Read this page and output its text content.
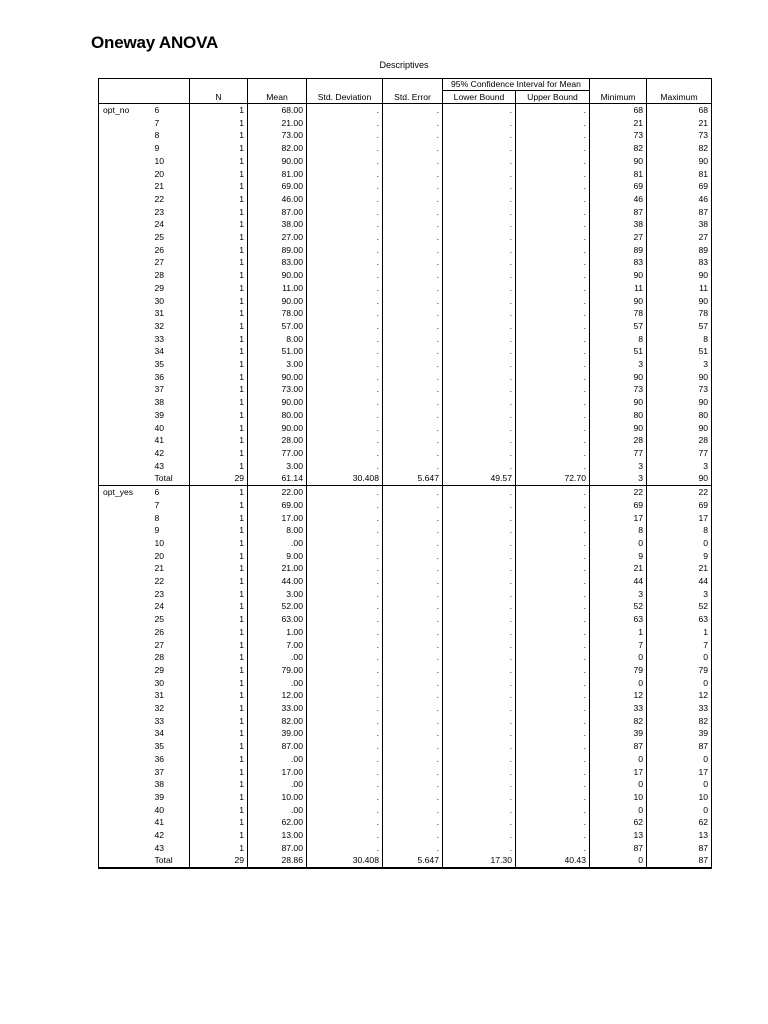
Oneway ANOVA
Descriptives
		N	Mean	Std. Deviation	Std. Error	95% Confidence Interval for Mean		Minimum	Maximum
						Lower Bound	Upper Bound		
opt_no	6	1	68.00	.	.	.	.	68	68
	7	1	21.00	.	.	.	.	21	21
	8	1	73.00	.	.	.	.	73	73
	9	1	82.00	.	.	.	.	82	82
	10	1	90.00	.	.	.	.	90	90
	20	1	81.00	.	.	.	.	81	81
	21	1	69.00	.	.	.	.	69	69
	22	1	46.00	.	.	.	.	46	46
	23	1	87.00	.	.	.	.	87	87
	24	1	38.00	.	.	.	.	38	38
	25	1	27.00	.	.	.	.	27	27
	26	1	89.00	.	.	.	.	89	89
	27	1	83.00	.	.	.	.	83	83
	28	1	90.00	.	.	.	.	90	90
	29	1	11.00	.	.	.	.	11	11
	30	1	90.00	.	.	.	.	90	90
	31	1	78.00	.	.	.	.	78	78
	32	1	57.00	.	.	.	.	57	57
	33	1	8.00	.	.	.	.	8	8
	34	1	51.00	.	.	.	.	51	51
	35	1	3.00	.	.	.	.	3	3
	36	1	90.00	.	.	.	.	90	90
	37	1	73.00	.	.	.	.	73	73
	38	1	90.00	.	.	.	.	90	90
	39	1	80.00	.	.	.	.	80	80
	40	1	90.00	.	.	.	.	90	90
	41	1	28.00	.	.	.	.	28	28
	42	1	77.00	.	.	.	.	77	77
	43	1	3.00	.	.	.	.	3	3
	Total	29	61.14	30.408	5.647	49.57	72.70	3	90
opt_yes	6	1	22.00	.	.	.	.	22	22
	7	1	69.00	.	.	.	.	69	69
	8	1	17.00	.	.	.	.	17	17
	9	1	8.00	.	.	.	.	8	8
	10	1	.00	.	.	.	.	0	0
	20	1	9.00	.	.	.	.	9	9
	21	1	21.00	.	.	.	.	21	21
	22	1	44.00	.	.	.	.	44	44
	23	1	3.00	.	.	.	.	3	3
	24	1	52.00	.	.	.	.	52	52
	25	1	63.00	.	.	.	.	63	63
	26	1	1.00	.	.	.	.	1	1
	27	1	7.00	.	.	.	.	7	7
	28	1	.00	.	.	.	.	0	0
	29	1	79.00	.	.	.	.	79	79
	30	1	.00	.	.	.	.	0	0
	31	1	12.00	.	.	.	.	12	12
	32	1	33.00	.	.	.	.	33	33
	33	1	82.00	.	.	.	.	82	82
	34	1	39.00	.	.	.	.	39	39
	35	1	87.00	.	.	.	.	87	87
	36	1	.00	.	.	.	.	0	0
	37	1	17.00	.	.	.	.	17	17
	38	1	.00	.	.	.	.	0	0
	39	1	10.00	.	.	.	.	10	10
	40	1	.00	.	.	.	.	0	0
	41	1	62.00	.	.	.	.	62	62
	42	1	13.00	.	.	.	.	13	13
	43	1	87.00	.	.	.	.	87	87
	Total	29	28.86	30.408	5.647	17.30	40.43	0	87
